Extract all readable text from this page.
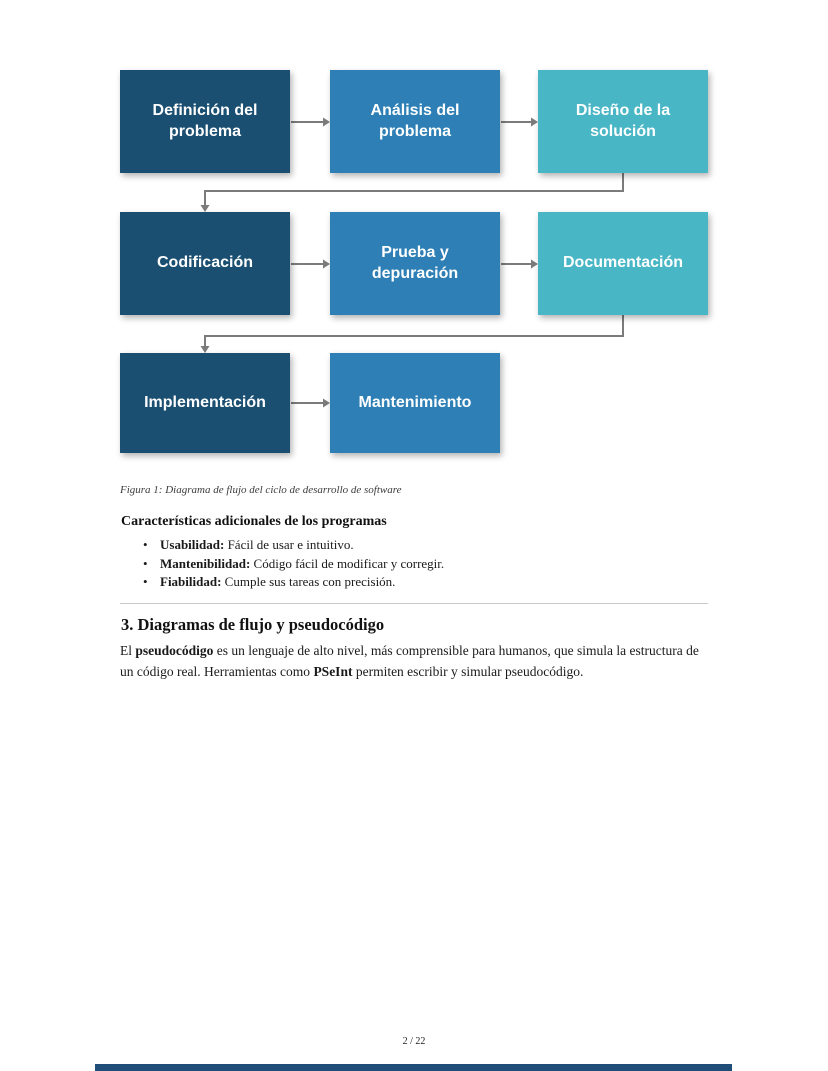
Definición del problema
Análisis del problema
Diseño de la solución
Codificación
Prueba y depuración
Documentación
Implementación	Mantenimiento
Figura 1: Diagrama de flujo del ciclo de desarrollo de software
Características adicionales de los programas
• Usabilidad: Fácil de usar e intuitivo.
• Mantenibilidad: Código fácil de modificar y corregir.
• Fiabilidad: Cumple sus tareas con precisión.
3. Diagramas de flujo y pseudocódigo

El pseudocódigo es un lenguaje de alto nivel, más comprensible para humanos, que simula la estructura de un código real. Herramientas como PSeInt permiten escribir y simular pseudocódigo.

2 / 22
